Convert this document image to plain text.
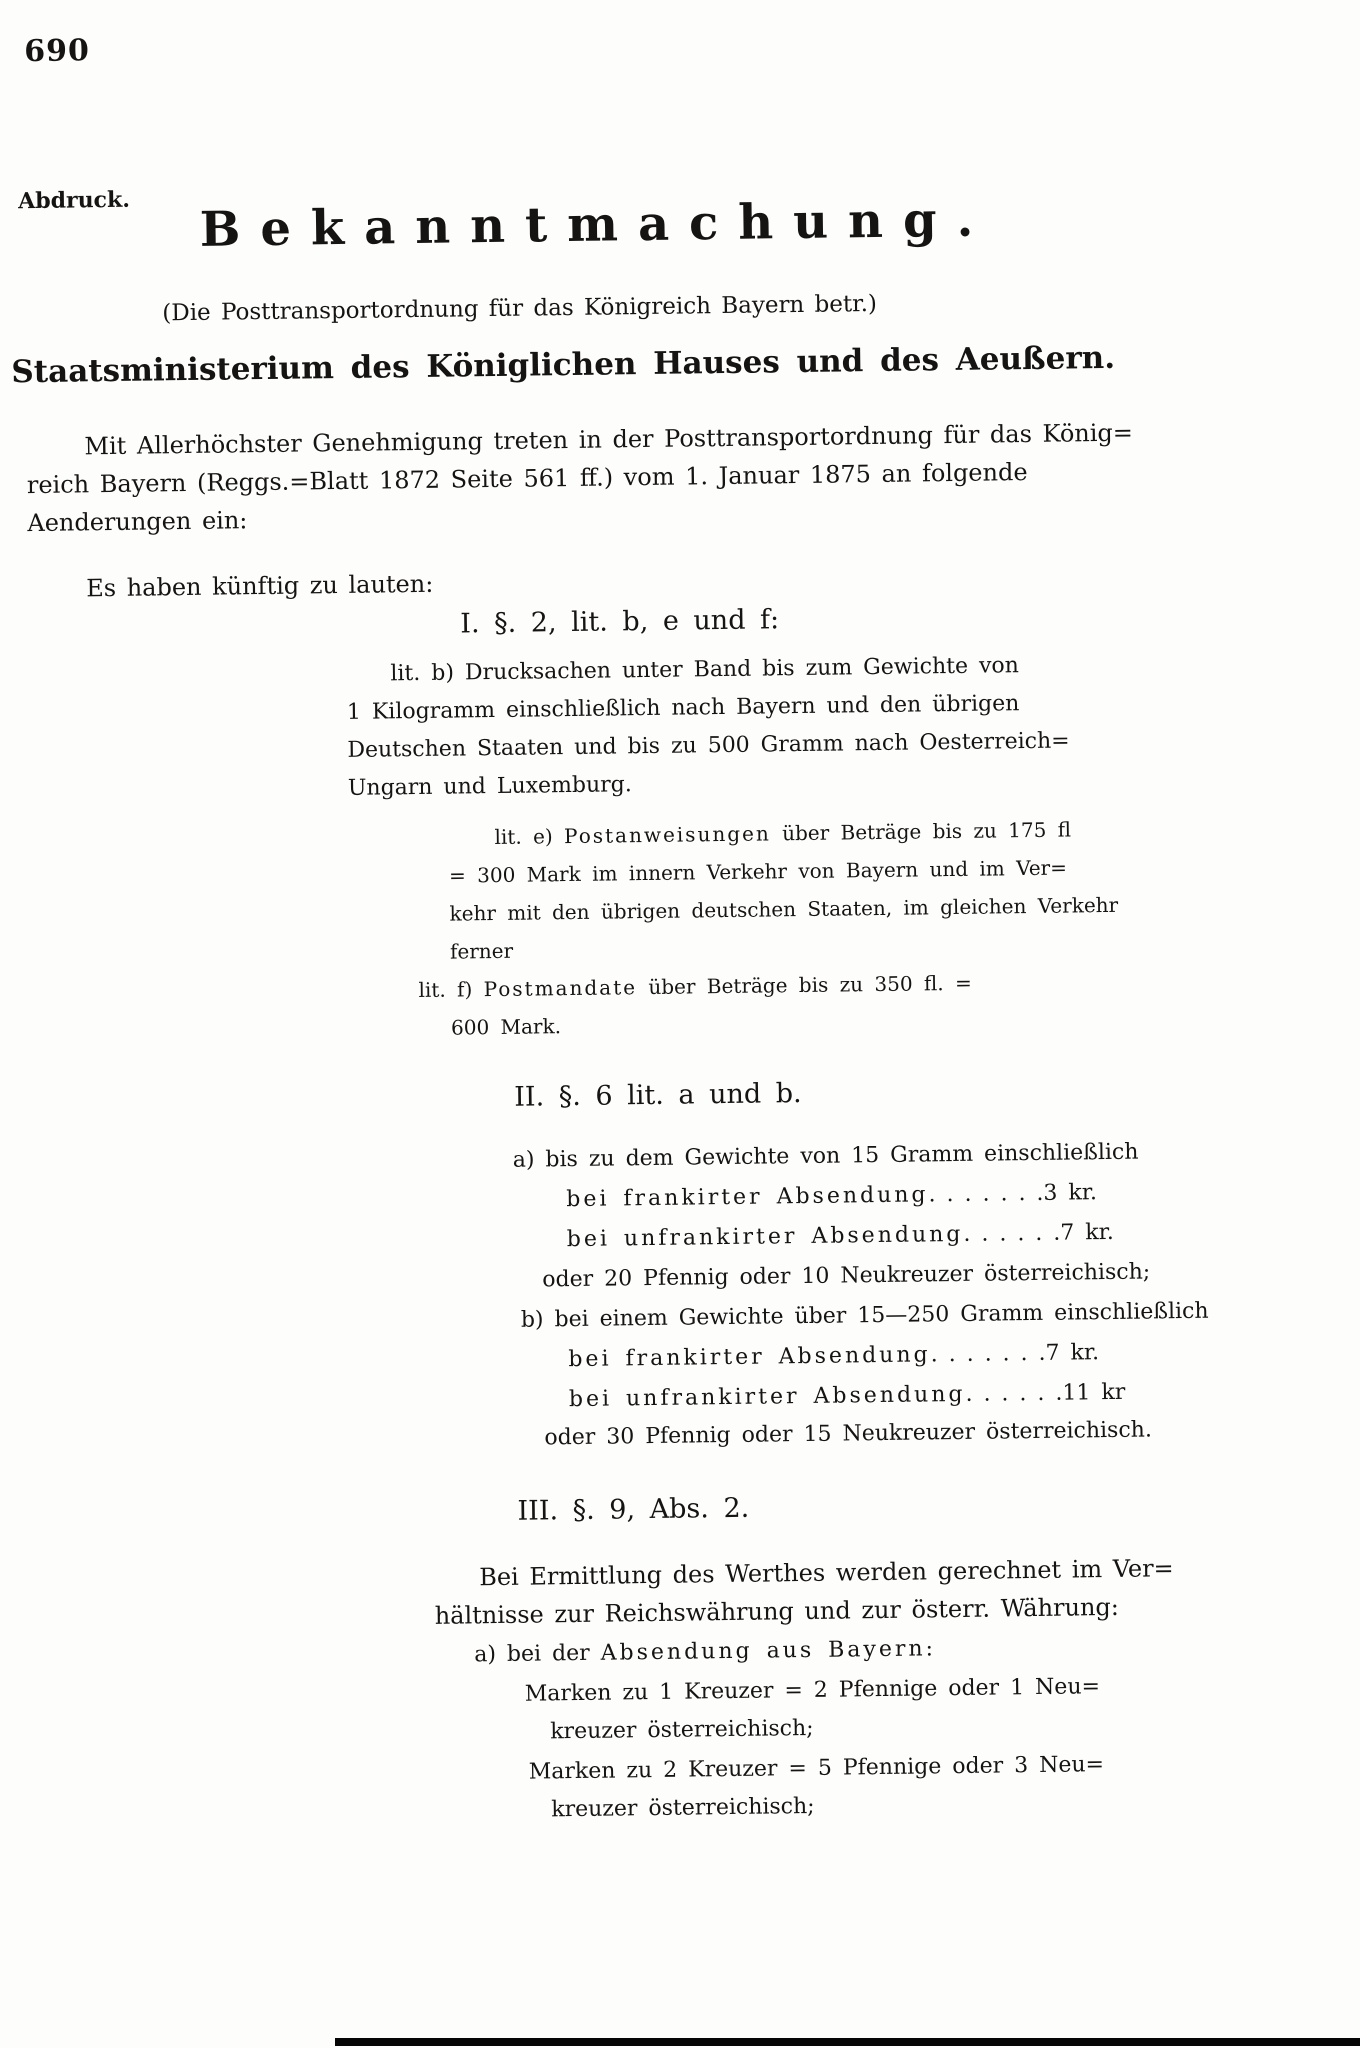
690
Abdruck.	Bekanntmachung.
(Die Posttransportordnung für das Königreich Bayern betr.)
Staatsministerium des Königlichen Hauses und des Aeußern.
Mit Allerhöchster Genehmigung treten in der Posttransportordnung für das König=
reich Bayern (Reggs.=Blatt 1872 Seite 561 ff.) vom 1. Januar 1875 an folgende
Aenderungen ein:
Es haben künftig zu lauten:
I. §. 2, lit. b, e und f:
lit. b) Drucksachen unter Band bis zum Gewichte von
1 Kilogramm einschließlich nach Bayern und den übrigen
Deutschen Staaten und bis zu 500 Gramm nach Oesterreich=
Ungarn und Luxemburg.
lit. e) Postanweisungen über Beträge bis zu 175 fl
= 300 Mark im innern Verkehr von Bayern und im Ver=
kehr mit den übrigen deutschen Staaten, im gleichen Verkehr
ferner
lit. f) Postmandate über Beträge bis zu 350 fl. =
600 Mark.
II. §. 6 lit. a und b.
a) bis zu dem Gewichte von 15 Gramm einschließlich
bei frankirter Absendung. . . . . . .3 kr.
bei unfrankirter Absendung. . . . . .7 kr.
oder 20 Pfennig oder 10 Neukreuzer österreichisch;
b) bei einem Gewichte über 15—250 Gramm einschließlich
bei frankirter Absendung. . . . . . .7 kr.
bei unfrankirter Absendung. . . . . .11 kr
oder 30 Pfennig oder 15 Neukreuzer österreichisch.
III. §. 9, Abs. 2.
Bei Ermittlung des Werthes werden gerechnet im Ver=
hältnisse zur Reichswährung und zur österr. Währung:
a) bei der Absendung aus Bayern:
Marken zu 1 Kreuzer = 2 Pfennige oder 1 Neu=
kreuzer österreichisch;
Marken zu 2 Kreuzer = 5 Pfennige oder 3 Neu=
kreuzer österreichisch;
